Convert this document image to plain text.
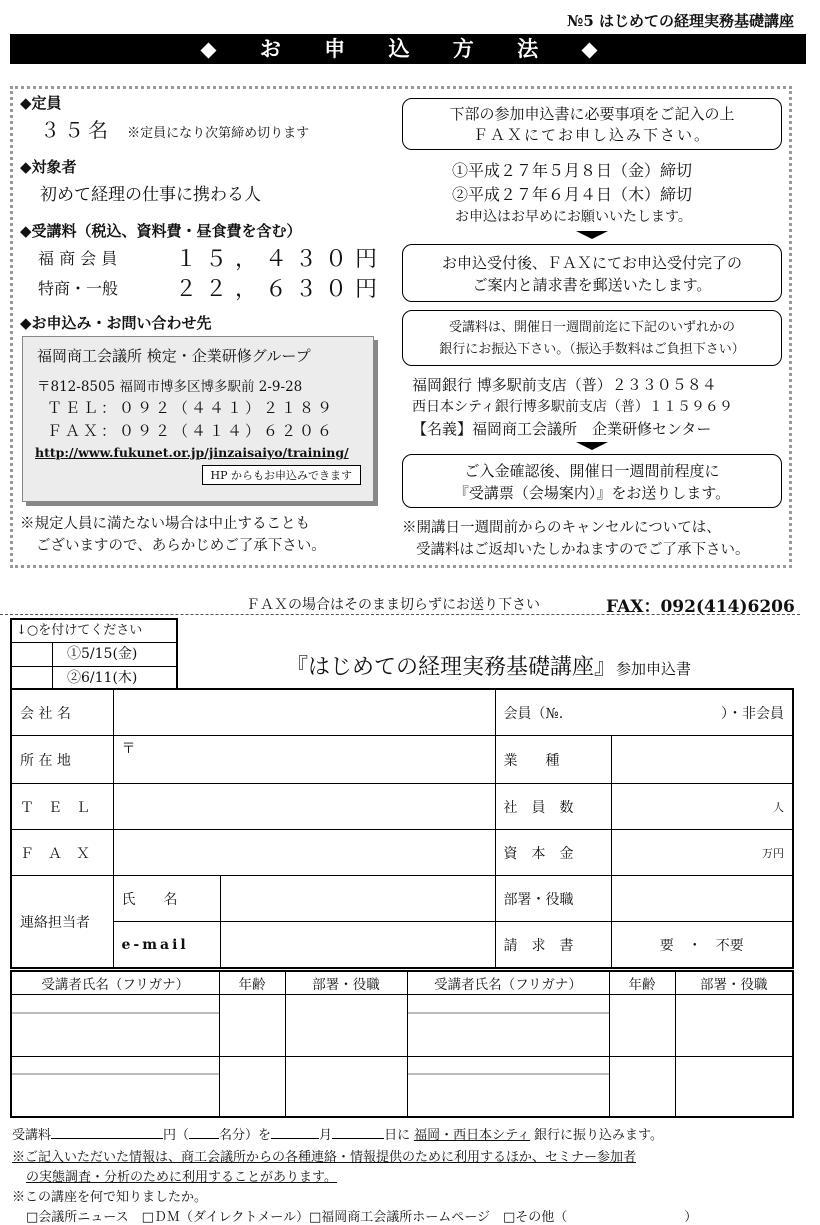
№5 はじめての経理実務基礎講座
◆ お 申 込 方 法 ◆
◆定員
３５名 ※定員になり次第締め切ります
◆対象者
初めて経理の仕事に携わる人
◆受講料（税込、資料費・昼食費を含む）
福 商 会 員	１５，４３０円
特商・一般	２２，６３０円
◆お申込み・お問い合わせ先
福岡商工会議所 検定・企業研修グループ
〒812-8505 福岡市博多区博多駅前 2-9-28
ＴＥＬ：０９２（４４１）２１８９
ＦＡＸ：０９２（４１４）６２０６
http://www.fukunet.or.jp/jinzaisaiyo/training/
HP からもお申込みできます
※規定人員に満たない場合は中止することも
ございますので、あらかじめご了承下さい。
下部の参加申込書に必要事項をご記入の上
ＦＡＸにてお申し込み下さい。
①平成２７年５月８日（金）締切
②平成２７年６月４日（木）締切
お申込はお早めにお願いいたします。
お申込受付後、ＦＡＸにてお申込受付完了の
ご案内と請求書を郵送いたします。
受講料は、開催日一週間前迄に下記のいずれかの
銀行にお振込下さい。（振込手数料はご負担下さい）
福岡銀行 博多駅前支店（普）２３３０５８４
西日本シティ銀行博多駅前支店（普）１１５９６９
【名義】福岡商工会議所　企業研修センター
ご入金確認後、開催日一週間前程度に
『受講票（会場案内）』をお送りします。
※開講日一週間前からのキャンセルについては、
受講料はご返却いたしかねますのでご了承下さい。
ＦＡＸの場合はそのまま切らずにお送り下さい	FAX：092(414)6206
↓○を付けてください
①5/15(金)
②6/11(木)	『はじめての経理実務基礎講座』参加申込書
会 社 名			会員（№. ）・非会員	

所 在 地	〒		業　　種	
Ｔ　Ｅ　Ｌ			社　員　数	人
Ｆ　Ａ　Ｘ			資　本　金	万円
連絡担当者	氏　　名		部署・役職	
	e-mail		請　求　書	要　・　不要
受講者氏名（フリガナ）	年齢	部署・役職	受講者氏名（フリガナ）	年齢	部署・役職

受講料	円（ 名分）を	月	日に 福岡・西日本シティ 銀行に振り込みます。
※ご記入いただいた情報は、商工会議所からの各種連絡・情報提供のために利用するほか、セミナー参加者
の実態調査・分析のために利用することがあります。
※この講座を何で知りましたか。
□会議所ニュース　□ＤＭ（ダイレクトメール）□福岡商工会議所ホームページ　□その他（　　　　　　　　　）
